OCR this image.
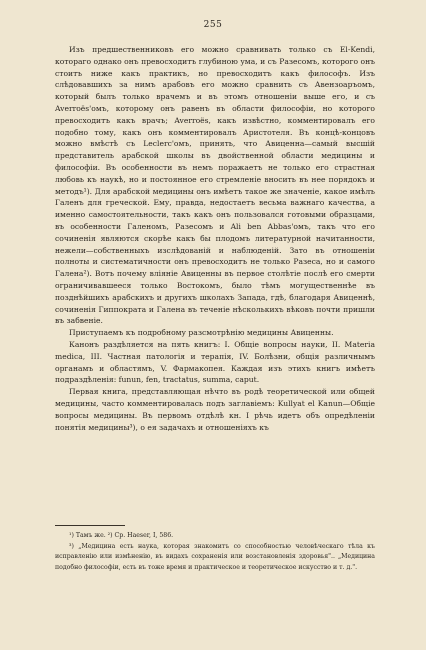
255

Изъ предшественниковъ его можно сравнивать только съ El-Kendi, котораго однако онъ превосходитъ глубиною ума, и съ Разесомъ, которого онъ стоитъ ниже какъ практикъ, но превосходитъ какъ философъ. Изъ слѣдовавшихъ за нимъ арабовъ его можно сравнить съ Авензоаръомъ, который былъ только врачемъ и въ этомъ отношеніи выше его, и съ Averroës'омъ, которому онъ равенъ въ области философіи, но которого превосходитъ какъ врачъ; Averroës, какъ извѣстно, комментировалъ его подобно тому, какъ онъ комментировалъ Аристотеля. Въ концѣ-концовъ можно вмѣстѣ съ Leclerc'омъ, принять, что Авиценна—самый высшій представитель арабской школы въ двойственной области медицины и философіи. Въ особенности въ немъ поражаетъ не только его страстная любовь къ наукѣ, но и постоянное его стремленіе вносить въ нее порядокъ и методъ¹). Для арабской медицины онъ имѣетъ такое же значеніе, какое имѣлъ Галенъ для греческой. Ему, правда, недостаетъ весьма важнаго качества, а именно самостоятельности, такъ какъ онъ пользовался готовыми образцами, въ особенности Галеномъ, Разесомъ и Ali ben Abbas'омъ, такъ что его сочиненія являются скорѣе какъ бы плодомъ литературной начитанности, нежели—собственныхъ изслѣдованій и наблюденій. Зато въ отношеніи полноты и систематичности онъ превосходитъ не только Разеса, но и самого Галена²). Вотъ почему вліяніе Авиценны въ первое столѣтіе послѣ его смерти ограничивавшееся только Востокомъ, было тѣмъ могущественнѣе въ позднѣйшихъ арабскихъ и другихъ школахъ Запада, гдѣ, благодаря Авиценнѣ, сочиненія Гиппократа и Галена въ теченіе нѣсколькихъ вѣковъ почти пришли въ забвеніе.

Приступаемъ къ подробному разсмотрѣнію медицины Авиценны.

Канонъ раздѣляется на пять книгъ: I. Общіе вопросы науки, II. Materia medica, III. Частная патологія и терапія, IV. Болѣзни, общія различнымъ органамъ и областямъ, V. Фармакопея. Каждая изъ этихъ книгъ имѣетъ подраздѣленія: funun, fen, tractatus, summa, caput.

Первая книга, представляющая нѣчто въ родѣ теоретической или общей медицины, часто комментировалась подъ заглавіемъ: Kullyat el Kanun—Общіе вопросы медицины. Въ первомъ отдѣлѣ кн. I рѣчь идетъ объ опредѣленіи понятія медицины³), о ея задачахъ и отношеніяхъ къ

¹) Тамъ же. ²) Ср. Haeser, I, 586.

³) „Медицина есть наука, которая знакомитъ со способностью человѣческаго тѣла къ исправленію или измѣненію, въ видахъ сохраненія или возстановленія здоровья".. „Медицина подобно философіи, есть въ тоже время и практическое и теоретическое искусство и т. д.".
